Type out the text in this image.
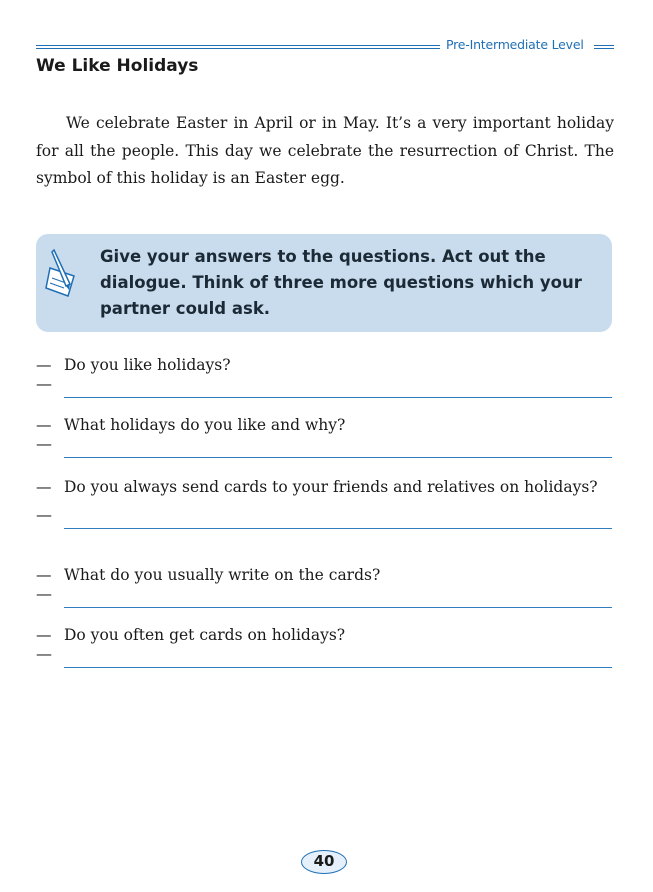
Pre-Intermediate Level
We Like Holidays
We celebrate Easter in April or in May. It’s a very important holiday for all the people. This day we celebrate the resurrection of Christ. The symbol of this holiday is an Easter egg.
Give your answers to the questions. Act out the dialogue. Think of three more questions which your partner could ask.
— Do you like holidays?
—
— What holidays do you like and why?
—
— Do you always send cards to your friends and relatives on holidays?
—
— What do you usually write on the cards?
—
— Do you often get cards on holidays?
—
40
